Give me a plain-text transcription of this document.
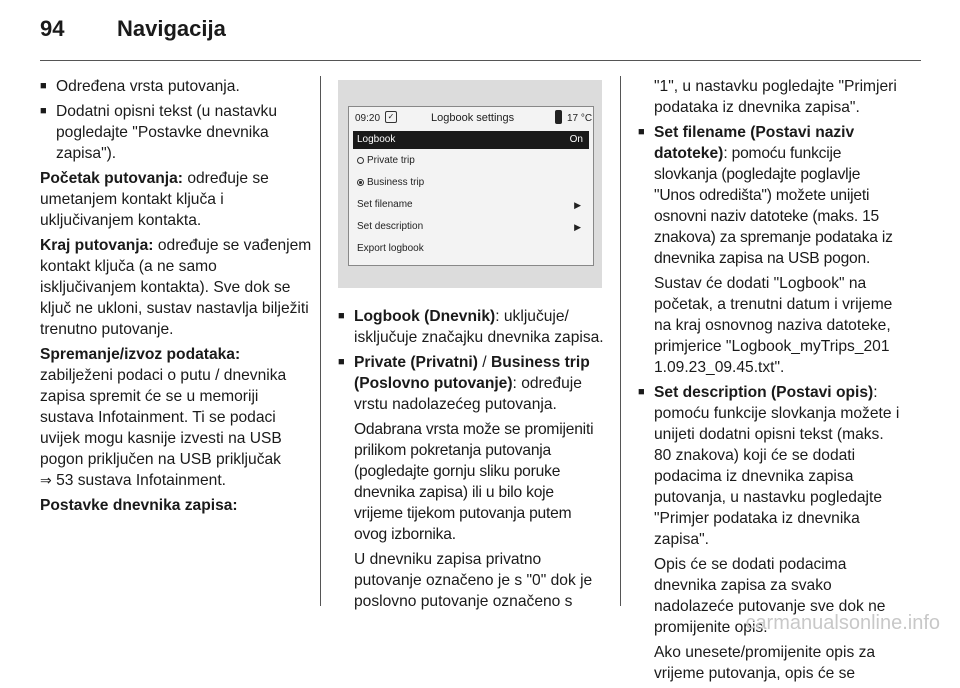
94 Navigacija
■ Određena vrsta putovanja.
■ Dodatni opisni tekst (u nastavku pogledajte "Postavke dnevnika zapisa").

Početak putovanja: određuje se umetanjem kontakt ključa i uključivanjem kontakta.

Kraj putovanja: određuje se vađenjem kontakt ključa (a ne samo isključivanjem kontakta). Sve dok se ključ ne ukloni, sustav nastavlja bilježiti trenutno putovanje.

Spremanje/izvoz podataka: zabilježeni podaci o putu / dnevnika zapisa spremit će se u memoriji sustava Infotainment. Ti se podaci uvijek mogu kasnije izvesti na USB pogon priključen na USB priključak
⇒ 53 sustava Infotainment.

Postavke dnevnika zapisa:

09:20 ✓	Logbook settings	17 °C
Logbook	On
Private trip
Business trip
Set filename	▶
Set description	▶
Export logbook
■ Logbook (Dnevnik): uključuje/ isključuje značajku dnevnika zapisa.
■ Private (Privatni) / Business trip (Poslovno putovanje): određuje vrstu nadolazećeg putovanja.

Odabrana vrsta može se promijeniti prilikom pokretanja putovanja (pogledajte gornju sliku poruke dnevnika zapisa) ili u bilo koje vrijeme tijekom putovanja putem ovog izbornika.

U dnevniku zapisa privatno putovanje označeno je s "0" dok je poslovno putovanje označeno s

"1", u nastavku pogledajte "Primjeri podataka iz dnevnika zapisa".

■ Set filename (Postavi naziv datoteke): pomoću funkcije slovkanja (pogledajte poglavlje "Unos odredišta") možete unijeti osnovni naziv datoteke (maks. 15 znakova) za spremanje podataka iz dnevnika zapisa na USB pogon.

Sustav će dodati "Logbook" na početak, a trenutni datum i vrijeme na kraj osnovnog naziva datoteke, primjerice "Logbook_myTrips_201 1.09.23_09.45.txt".

■ Set description (Postavi opis): pomoću funkcije slovkanja možete i unijeti dodatni opisni tekst (maks. 80 znakova) koji će se dodati podacima iz dnevnika zapisa putovanja, u nastavku pogledajte "Primjer podataka iz dnevnika zapisa".

Opis će se dodati podacima dnevnika zapisa za svako nadolazeće putovanje sve dok ne promijenite opis.

Ako unesete/promijenite opis za vrijeme putovanja, opis će se

carmanualsonline.info
